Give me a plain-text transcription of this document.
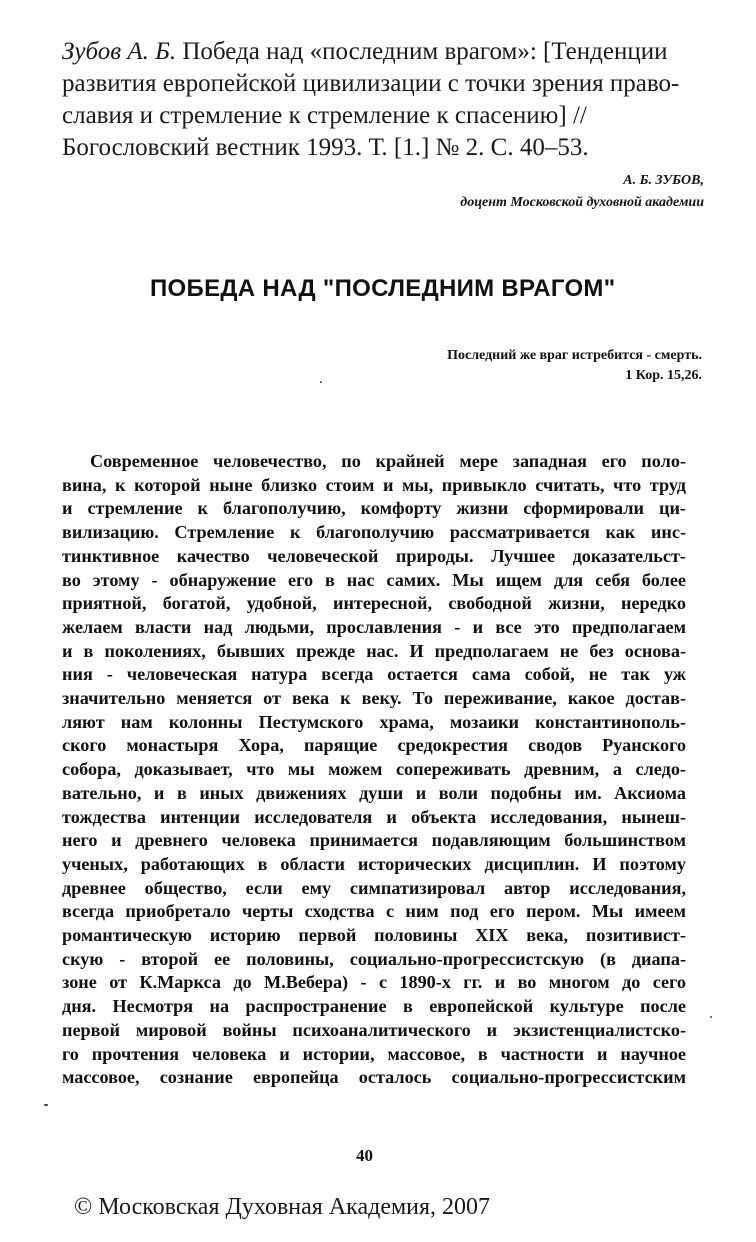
Зубов А. Б. Победа над «последним врагом»: [Тенденции
развития европейской цивилизации с точки зрения право-
славия и стремление к стремление к спасению] //
Богословский вестник 1993. Т. [1.] № 2. С. 40–53.
А. Б. ЗУБОВ,
доцент Московской духовной академии
ПОБЕДА НАД "ПОСЛЕДНИМ ВРАГОМ"
Последний же враг истребится - смерть.
1 Кор. 15,26.
Современное человечество, по крайней мере западная его поло-
вина, к которой ныне близко стоим и мы, привыкло считать, что труд
и стремление к благополучию, комфорту жизни сформировали ци-
вилизацию. Стремление к благополучию рассматривается как инс-
тинктивное качество человеческой природы. Лучшее доказательст-
во этому - обнаружение его в нас самих. Мы ищем для себя более
приятной, богатой, удобной, интересной, свободной жизни, нередко
желаем власти над людьми, прославления - и все это предполагаем
и в поколениях, бывших прежде нас. И предполагаем не без основа-
ния - человеческая натура всегда остается сама собой, не так уж
значительно меняется от века к веку. То переживание, какое достав-
ляют нам колонны Пестумского храма, мозаики константинополь-
ского монастыря Хора, парящие средокрестия сводов Руанского
собора, доказывает, что мы можем сопереживать древним, а следо-
вательно, и в иных движениях души и воли подобны им. Аксиома
тождества интенции исследователя и объекта исследования, нынеш-
него и древнего человека принимается подавляющим большинством
ученых, работающих в области исторических дисциплин. И поэтому
древнее общество, если ему симпатизировал автор исследования,
всегда приобретало черты сходства с ним под его пером. Мы имеем
романтическую историю первой половины XIX века, позитивист-
скую - второй ее половины, социально-прогрессистскую (в диапа-
зоне от К.Маркса до М.Вебера) - с 1890-х гг. и во многом до сего
дня. Несмотря на распространение в европейской культуре после
первой мировой войны психоаналитического и экзистенциалистско-
го прочтения человека и истории, массовое, в частности и научное
массовое, сознание европейца осталось социально-прогрессистским
40
© Московская Духовная Академия, 2007
